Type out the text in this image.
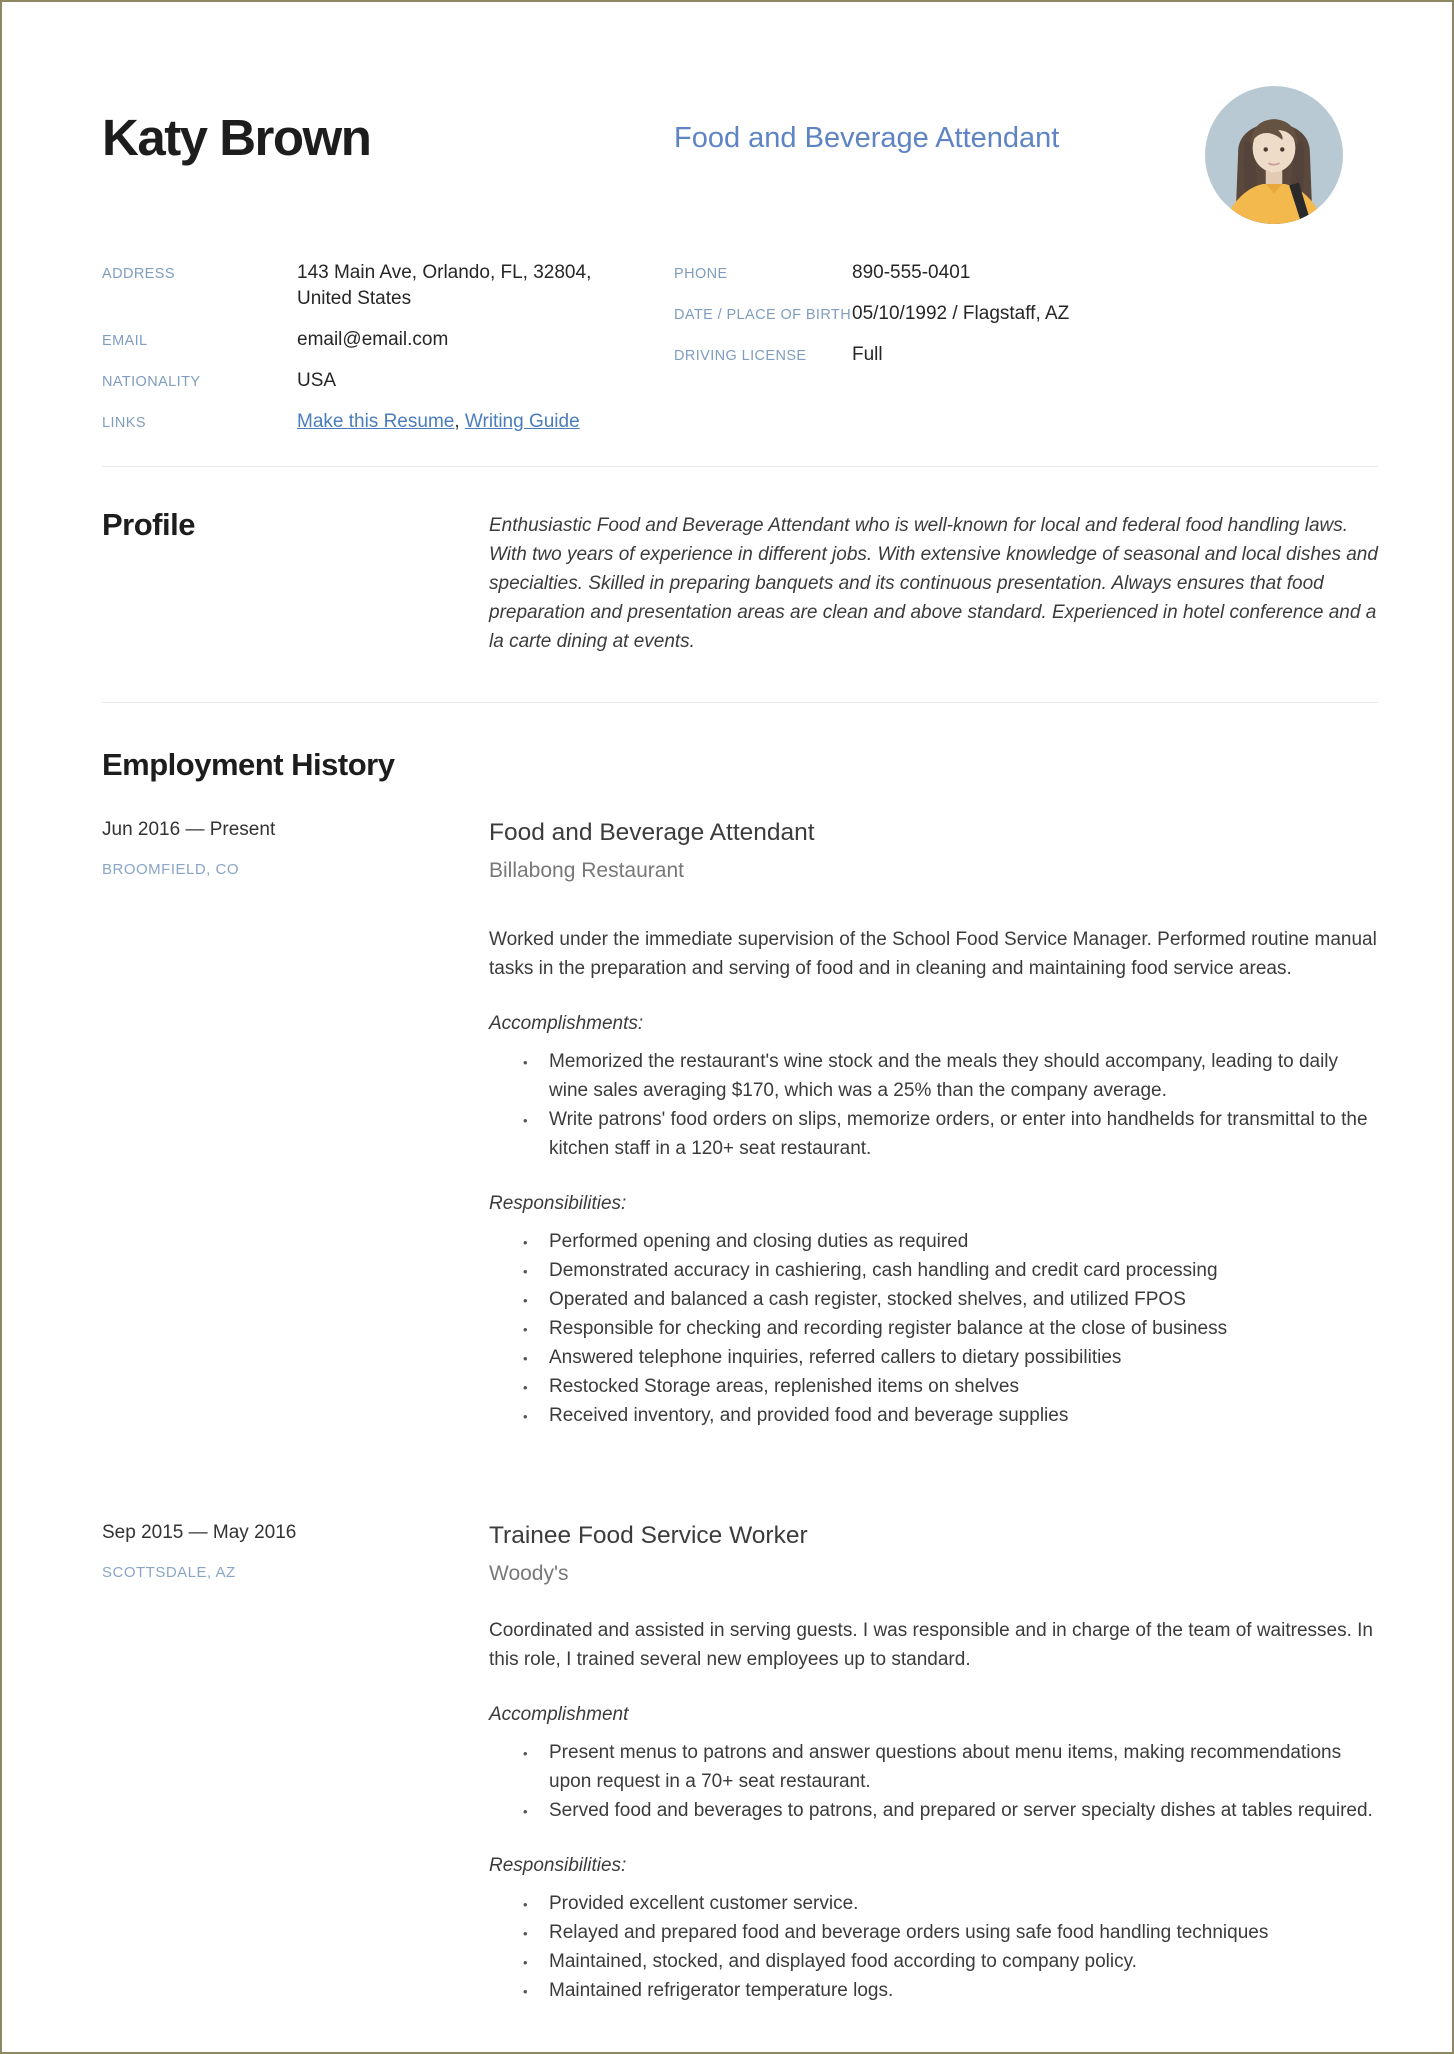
Katy Brown	Food and Beverage Attendant
ADDRESS	143 Main Ave, Orlando, FL, 32804, United States
EMAIL	email@email.com
NATIONALITY	USA
LINKS	Make this Resume, Writing Guide
PHONE	890-555-0401
DATE / PLACE OF BIRTH 05/10/1992 / Flagstaff, AZ
DRIVING LICENSE	Full
Profile	Enthusiastic Food and Beverage Attendant who is well-known for local and federal food handling laws. With two years of experience in different jobs. With extensive knowledge of seasonal and local dishes and specialties. Skilled in preparing banquets and its continuous presentation. Always ensures that food preparation and presentation areas are clean and above standard. Experienced in hotel conference and a la carte dining at events.
Employment History
Jun 2016 — Present
BROOMFIELD, CO
Food and Beverage Attendant
Billabong Restaurant
Worked under the immediate supervision of the School Food Service Manager. Performed routine manual tasks in the preparation and serving of food and in cleaning and maintaining food service areas.
Accomplishments:
• Memorized the restaurant's wine stock and the meals they should accompany, leading to daily wine sales averaging $170, which was a 25% than the company average.
• Write patrons' food orders on slips, memorize orders, or enter into handhelds for transmittal to the kitchen staff in a 120+ seat restaurant.
Responsibilities:
• Performed opening and closing duties as required
• Demonstrated accuracy in cashiering, cash handling and credit card processing
• Operated and balanced a cash register, stocked shelves, and utilized FPOS
• Responsible for checking and recording register balance at the close of business
• Answered telephone inquiries, referred callers to dietary possibilities
• Restocked Storage areas, replenished items on shelves
• Received inventory, and provided food and beverage supplies
Sep 2015 — May 2016
SCOTTSDALE, AZ
Trainee Food Service Worker
Woody's
Coordinated and assisted in serving guests. I was responsible and in charge of the team of waitresses. In this role, I trained several new employees up to standard.
Accomplishment
• Present menus to patrons and answer questions about menu items, making recommendations upon request in a 70+ seat restaurant.
• Served food and beverages to patrons, and prepared or server specialty dishes at tables required.
Responsibilities:
• Provided excellent customer service.
• Relayed and prepared food and beverage orders using safe food handling techniques
• Maintained, stocked, and displayed food according to company policy.
• Maintained refrigerator temperature logs.
